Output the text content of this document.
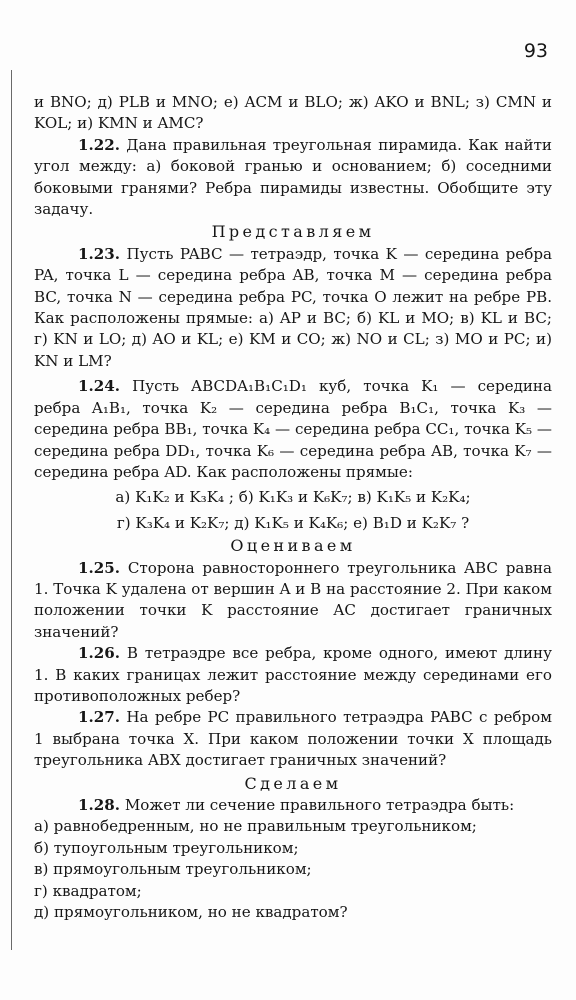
93

и BNO; д) PLB и MNO; е) ACM и BLO; ж) AKO и BNL; з) CMN и KOL; и) KMN и AMC?

1.22. Дана правильная треугольная пирамида. Как найти угол между: а) боковой гранью и основанием; б) соседними боковыми гранями? Ребра пирамиды известны. Обобщите эту задачу.

Представляем

1.23. Пусть PABC — тетраэдр, точка K — середина ребра PA, точка L — середина ребра AB, точка M — середина ребра BC, точка N — середина ребра PC, точка O лежит на ребре PB. Как расположены прямые: а) AP и BC; б) KL и MO; в) KL и BC; г) KN и LO; д) AO и KL; е) KM и CO; ж) NO и CL; з) MO и PC; и) KN и LM?

1.24. Пусть ABCDA₁B₁C₁D₁ куб, точка K₁ — середина ребра A₁B₁, точка K₂ — середина ребра B₁C₁, точка K₃ — середина ребра BB₁, точка K₄ — середина ребра CC₁, точка K₅ — середина ребра DD₁, точка K₆ — середина ребра AB, точка K₇ — середина ребра AD. Как расположены прямые:

а) K₁K₂ и K₃K₄ ; б) K₁K₃ и K₆K₇; в) K₁K₅ и K₂K₄;

г) K₃K₄ и K₂K₇; д) K₁K₅ и K₄K₆; е) B₁D и K₂K₇ ?

Оцениваем

1.25. Сторона равностороннего треугольника ABC равна 1. Точка K удалена от вершин A и B на расстояние 2. При каком положении точки K расстояние AC достигает граничных значений?

1.26. В тетраэдре все ребра, кроме одного, имеют длину 1. В каких границах лежит расстояние между серединами его противоположных ребер?

1.27. На ребре PC правильного тетраэдра PABC с ребром 1 выбрана точка X. При каком положении точки X площадь треугольника ABX достигает граничных значений?

Сделаем

1.28. Может ли сечение правильного тетраэдра быть:

а) равнобедренным, но не правильным треугольником;

б) тупоугольным треугольником;

в) прямоугольным треугольником;

г) квадратом;

д) прямоугольником, но не квадратом?
